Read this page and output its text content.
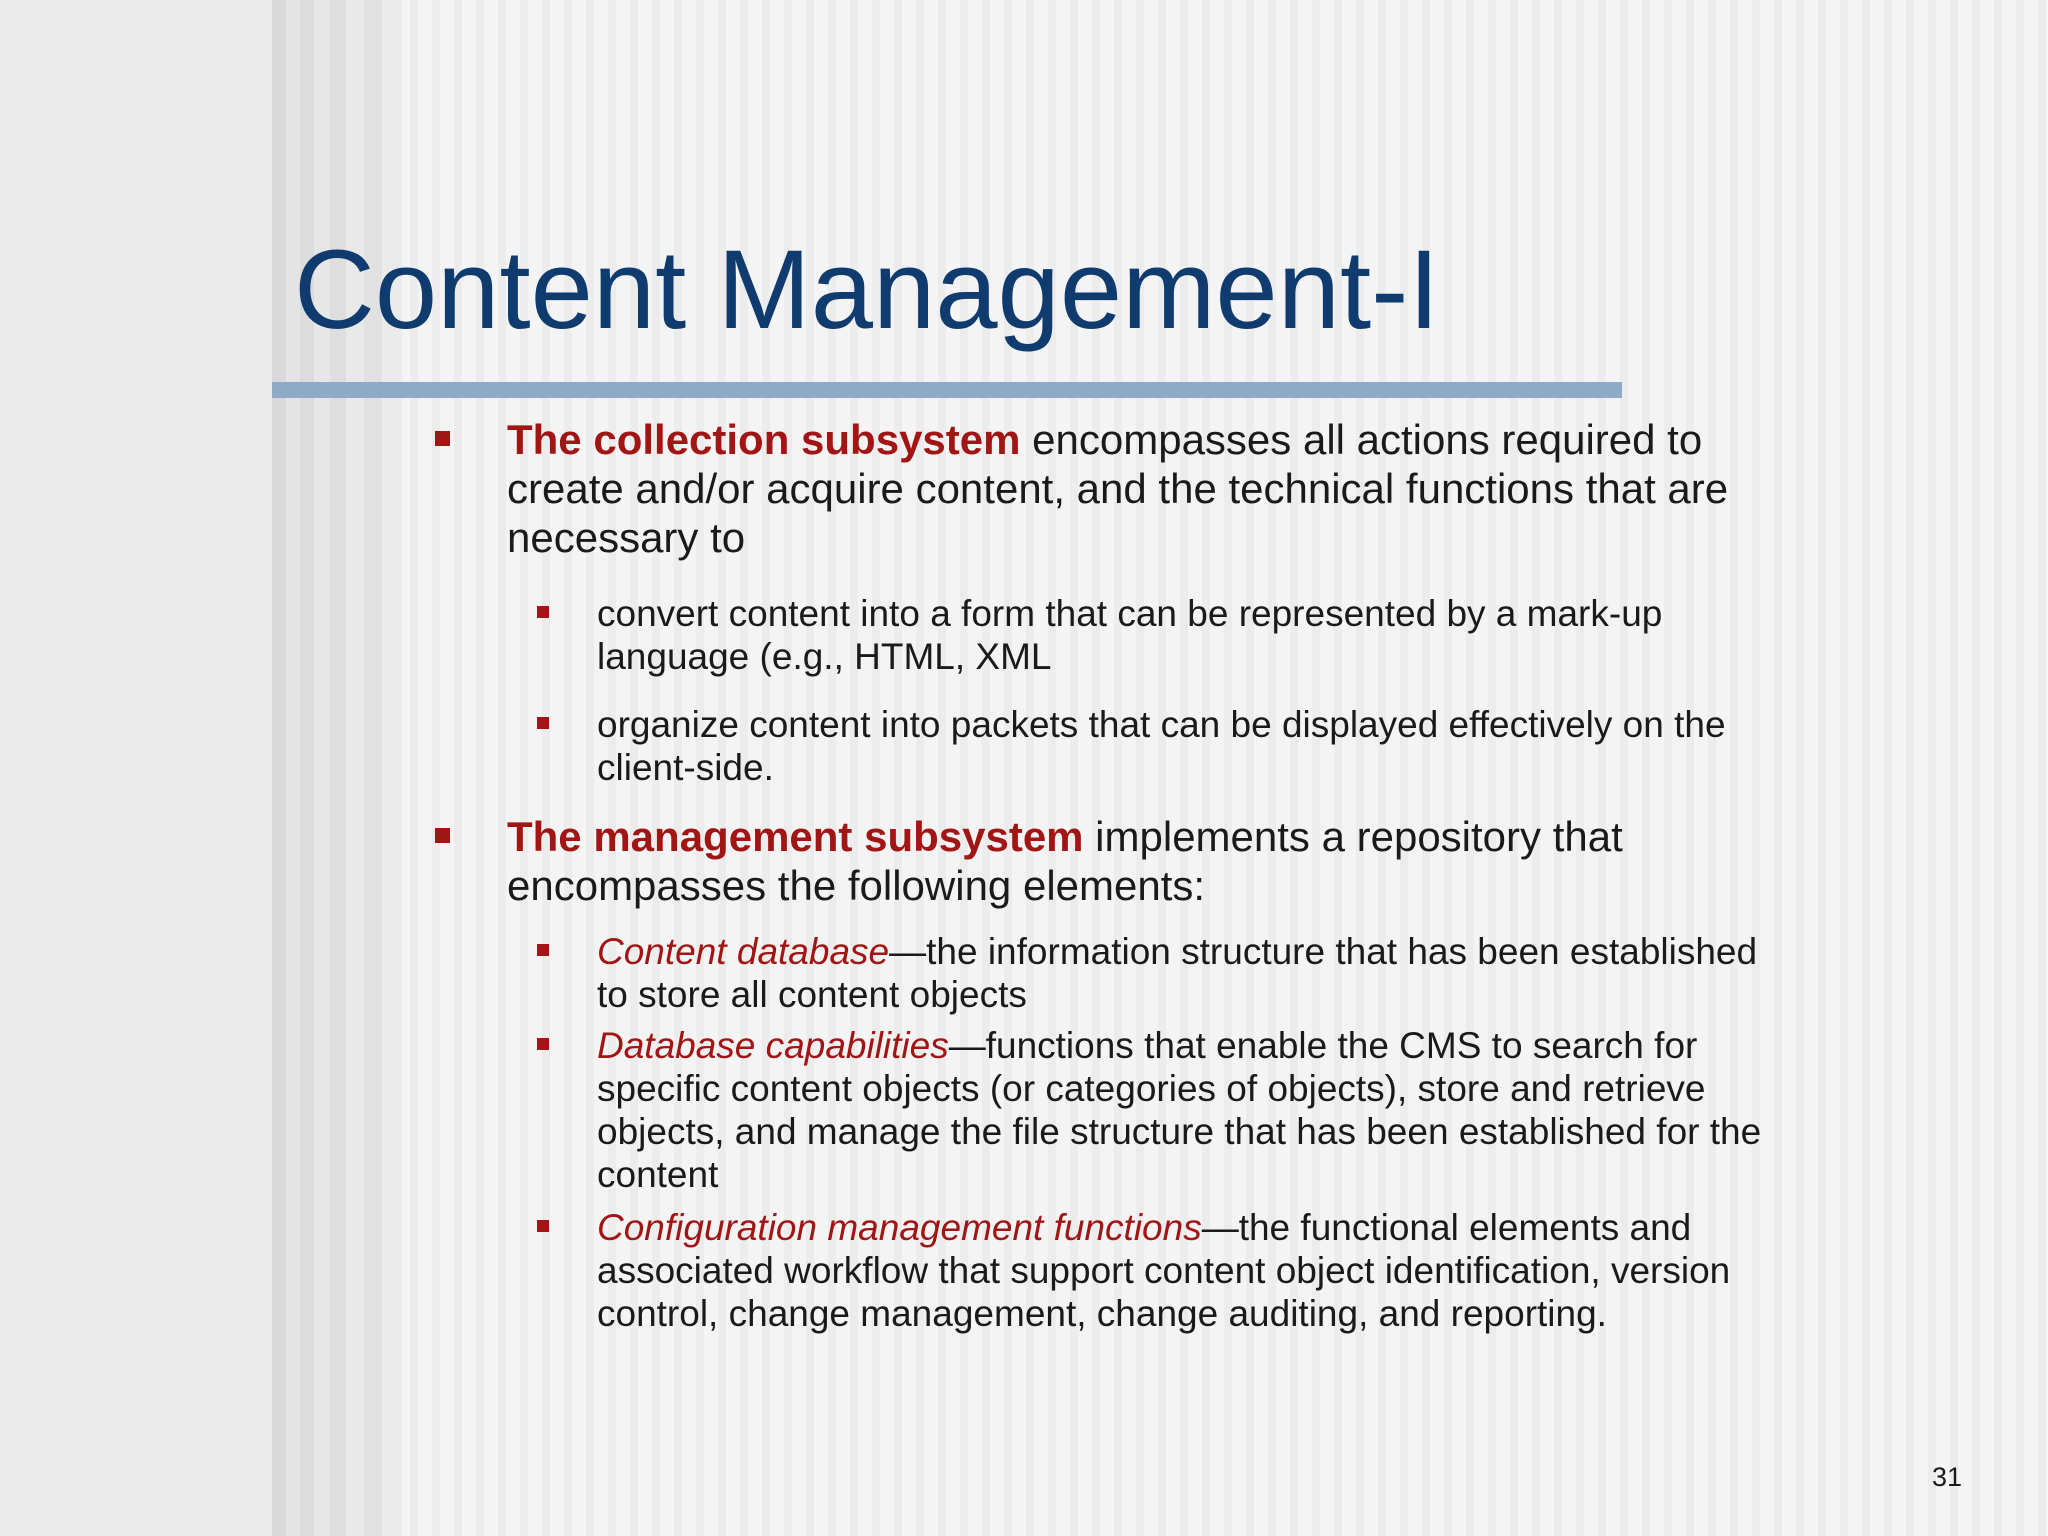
Content Management-I

The collection subsystem encompasses all actions required to create and/or acquire content, and the technical functions that are necessary to

convert content into a form that can be represented by a mark-up language (e.g., HTML, XML

organize content into packets that can be displayed effectively on the client-side.

The management subsystem implements a repository that encompasses the following elements:

Content database—the information structure that has been established to store all content objects

Database capabilities—functions that enable the CMS to search for specific content objects (or categories of objects), store and retrieve objects, and manage the file structure that has been established for the content

Configuration management functions—the functional elements and associated workflow that support content object identification, version control, change management, change auditing, and reporting.

31
